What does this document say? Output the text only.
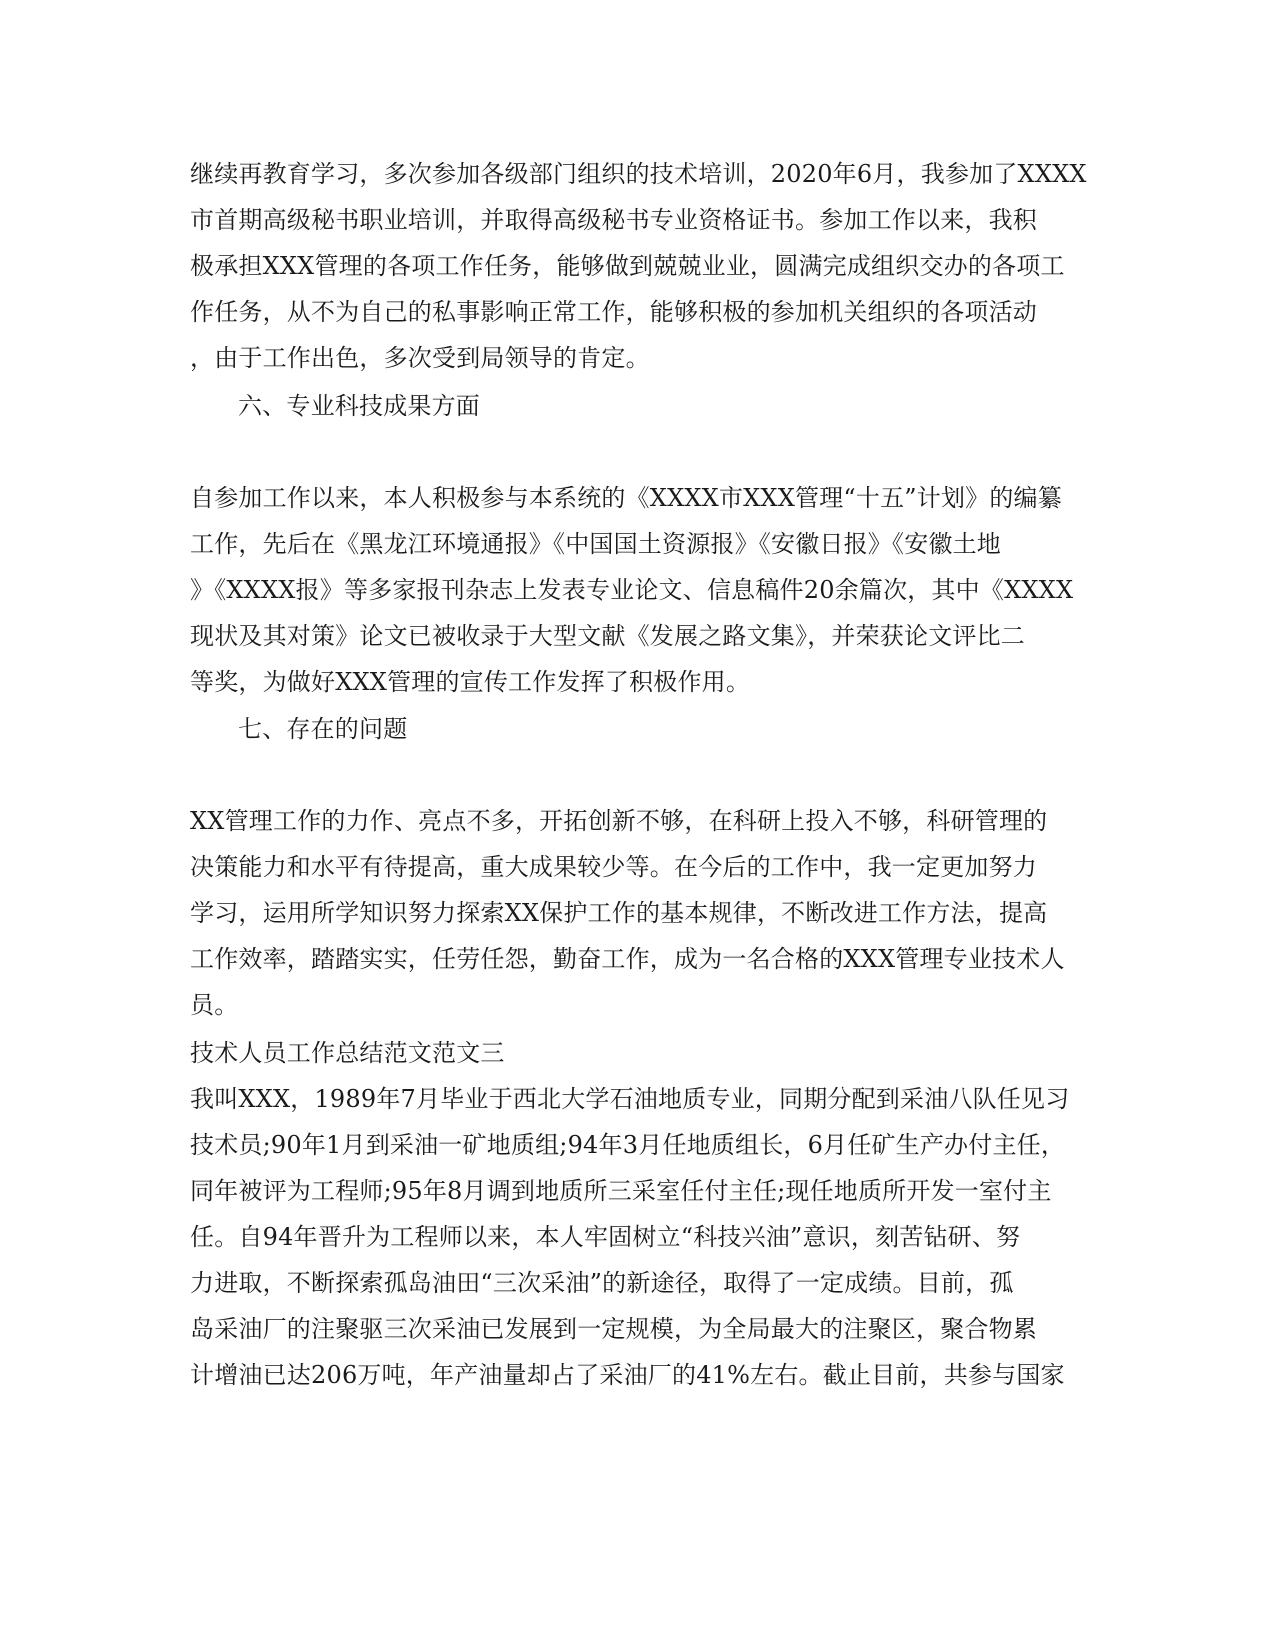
继续再教育学习，多次参加各级部门组织的技术培训，2020年6月，我参加了XXXX
市首期高级秘书职业培训，并取得高级秘书专业资格证书。参加工作以来，我积
极承担XXX管理的各项工作任务，能够做到兢兢业业，圆满完成组织交办的各项工
作任务，从不为自己的私事影响正常工作，能够积极的参加机关组织的各项活动
，由于工作出色，多次受到局领导的肯定。
六、专业科技成果方面
自参加工作以来，本人积极参与本系统的《XXXX市XXX管理“十五”计划》的编纂
工作，先后在《黑龙江环境通报》《中国国土资源报》《安徽日报》《安徽土地
》《XXXX报》等多家报刊杂志上发表专业论文、信息稿件20余篇次，其中《XXXX
现状及其对策》论文已被收录于大型文献《发展之路文集》，并荣获论文评比二
等奖，为做好XXX管理的宣传工作发挥了积极作用。
七、存在的问题
XX管理工作的力作、亮点不多，开拓创新不够，在科研上投入不够，科研管理的
决策能力和水平有待提高，重大成果较少等。在今后的工作中，我一定更加努力
学习，运用所学知识努力探索XX保护工作的基本规律，不断改进工作方法，提高
工作效率，踏踏实实，任劳任怨，勤奋工作，成为一名合格的XXX管理专业技术人
员。
技术人员工作总结范文范文三
我叫XXX，1989年7月毕业于西北大学石油地质专业，同期分配到采油八队任见习
技术员;90年1月到采油一矿地质组;94年3月任地质组长，6月任矿生产办付主任，
同年被评为工程师;95年8月调到地质所三采室任付主任;现任地质所开发一室付主
任。自94年晋升为工程师以来，本人牢固树立“科技兴油”意识，刻苦钻研、努
力进取，不断探索孤岛油田“三次采油”的新途径，取得了一定成绩。目前，孤
岛采油厂的注聚驱三次采油已发展到一定规模，为全局最大的注聚区，聚合物累
计增油已达206万吨，年产油量却占了采油厂的41%左右。截止目前，共参与国家
